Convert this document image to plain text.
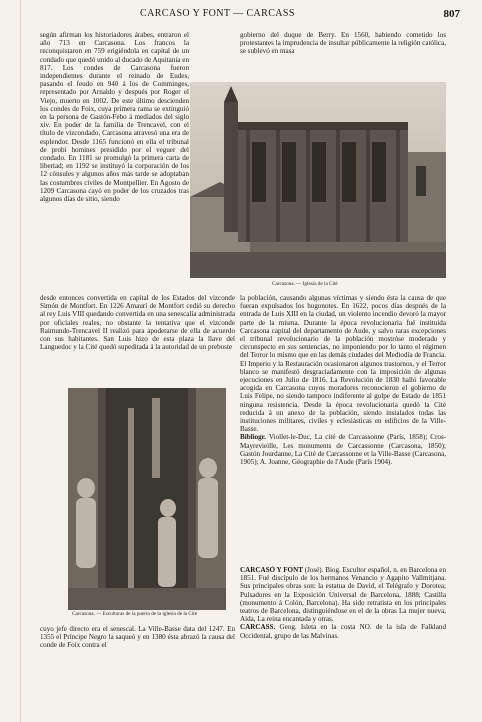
CARCASO Y FONT — CARCASS	807

según afirman los historiadores árabes, entraron el año 713 en Carcasona. Los francos la reconquistaron en 759 erigiéndola en capital de un condado que quedó unido al ducado de Aquitania en 817. Los condes de Carcasona fueron independientes durante el reinado de Eudes, pasando el feudo en 940 á los de Comminges, representado por Arnaldo y después por Roger el Viejo, muerto en 1002. De este último descienden los condes de Foix, cuya primera rama se extinguió en la persona de Gastón-Febo á mediados del siglo xiv. En poder de la familia de Trencavel, con el título de vizcondado, Carcasona atravesó una era de esplendor. Desde 1165 funcionó en ella el tribunal de probi homines presidido por el veguer del condado. En 1181 se promulgó la primera carta de libertad; en 1192 se instituyó la corporación de los 12 cónsules y algunos años más tarde se adoptaban las costumbres civiles de Montpellier. En Agosto de 1209 Carcasona cayó en poder de los cruzados tras algunos días de sitio, siendo

gobierno del duque de Berry. En 1560, habiendo cometido los protestantes la imprudencia de insultar públicamente la religión católica, se sublevó en masa

Carcasona. — Iglesia de la Cité

desde entonces convertida en capital de los Estados del vizconde Simón de Montfort. En 1226 Amaurí de Montfort cedió su derecho al rey Luis VIII quedando convertida en una senescalía administrada por oficiales reales, no obstante la tentativa que el vizconde Raimundo-Trencavel II realizó para apoderarse de ella de acuerdo con sus habitantes. San Luis hizo de esta plaza la llave del Languedoc y la Cité quedó supeditada á la autoridad de un preboste

la población, causando algunas víctimas y siendo ésta la causa de que fueran expulsados los hugonotes. En 1622, pocos días después de la entrada de Luis XIII en la ciudad, un violento incendio devoró la mayor parte de la misma. Durante la época revolucionaria fué instituida Carcasona capital del departamento de Aude, y salvo raras excepciones el tribunal revolucionario de la población mostróse moderado y circunspecto en sus sentencias, no imponiendo por lo tanto el régimen del Terror lo mismo que en las demás ciudades del Mediodía de Francia. El Imperio y la Restauración ocasionaron algunos trastornos, y el Terror blanco se manifestó desgraciadamente con la imposición de algunas ejecuciones en Julio de 1816. La Revolución de 1830 halló favorable acogida en Carcasona cuyos moradores reconocieron el gobierno de Luis Felipe, no siendo tampoco indiferente al golpe de Estado de 1851 ninguna resistencia. Desde la época revolucionaria quedó la Cité reducida á un anexo de la población, siendo instalados todas las instituciones militares, civiles y eclesiásticas en edificios de la Ville-Basse.

Bibliogr. Viollet-le-Duc, La cité de Carcassonne (París, 1858); Cros-Mayrevieille, Les monuments de Carcassonne (Carcasona, 1850); Gastón Jourdanne, La Cité de Carcassonne et la Ville-Basse (Carcasona, 1905); A. Joanne, Géographie de l'Aude (París 1904).

CARCASÓ Y FONT (José). Biog. Escultor español, n. en Barcelona en 1851. Fué discípulo de los hermanos Venancio y Agapito Vallmitjana. Sus principales obras son: la estatua de David, el Telégrafo y Dorotea; Pulsadores en la Exposición Universal de Barcelona, 1888; Castilla (monumento á Colón, Barcelona). Ha sido retratista en los principales teatros de Barcelona, distinguiéndose en el de la obras La mujer nueva, Aída, La reina encantada y otras.

CARCASS. Geog. Isleta en la costa NO. de la isla de Falkland Occidental, grupo de las Malvinas.

Carcasona. — Esculturas de la puerta de la iglesia de la Cité

cuyo jefe directo era el senescal. La Ville-Basse data del 1247. En 1355 el Príncipe Negro la saqueó y en 1380 ésta abrazó la causa del conde de Foix contra el
